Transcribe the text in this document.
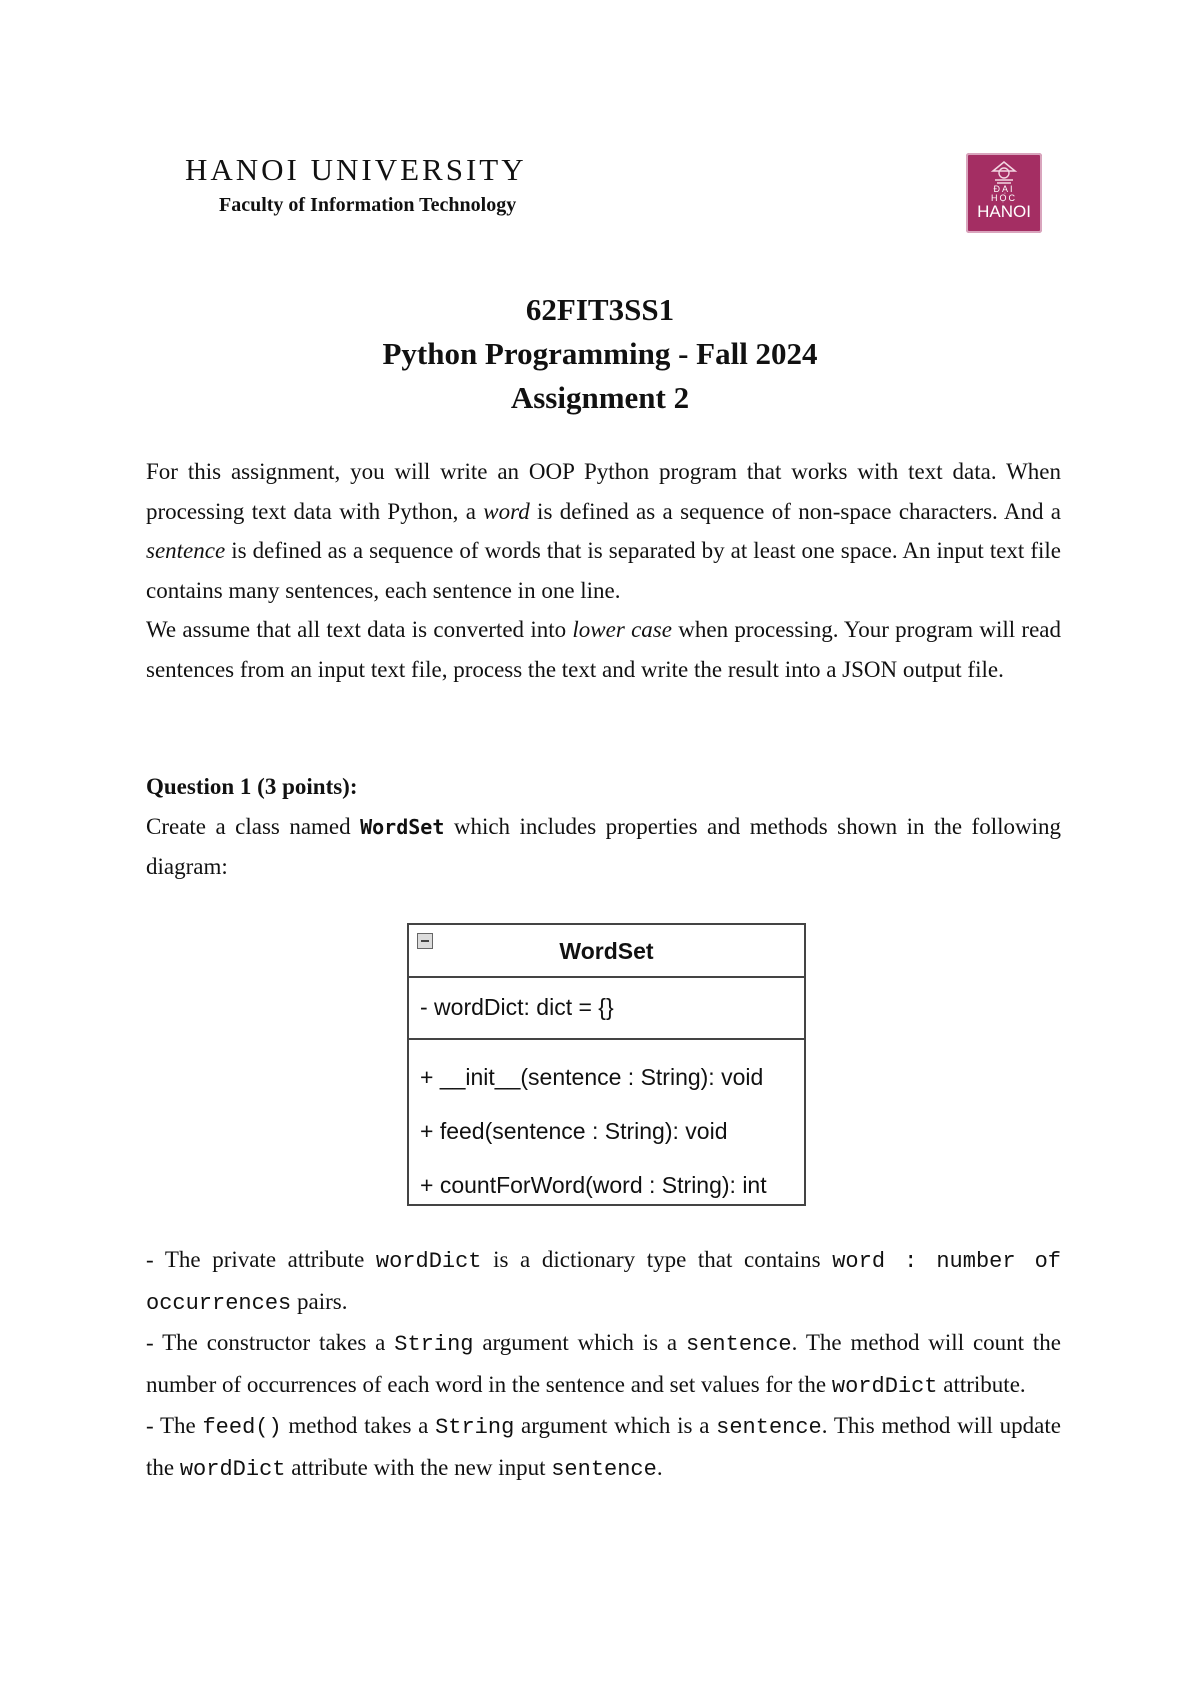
HANOI UNIVERSITY
Faculty of Information Technology
ĐẠI
HỌC
HANOI
62FIT3SS1
Python Programming - Fall 2024
Assignment 2

For this assignment, you will write an OOP Python program that works with text data. When processing text data with Python, a word is defined as a sequence of non-space characters. And a sentence is defined as a sequence of words that is separated by at least one space. An input text file contains many sentences, each sentence in one line.

We assume that all text data is converted into lower case when processing. Your program will read sentences from an input text file, process the text and write the result into a JSON output file.

Question 1 (3 points):

Create a class named WordSet which includes properties and methods shown in the following diagram:

WordSet
- wordDict: dict = {}
+ __init__(sentence : String): void
+ feed(sentence : String): void
+ countForWord(word : String): int

- The private attribute wordDict is a dictionary type that contains word : number of occurrences pairs.

- The constructor takes a String argument which is a sentence. The method will count the number of occurrences of each word in the sentence and set values for the wordDict attribute.

- The feed() method takes a String argument which is a sentence. This method will update the wordDict attribute with the new input sentence.
